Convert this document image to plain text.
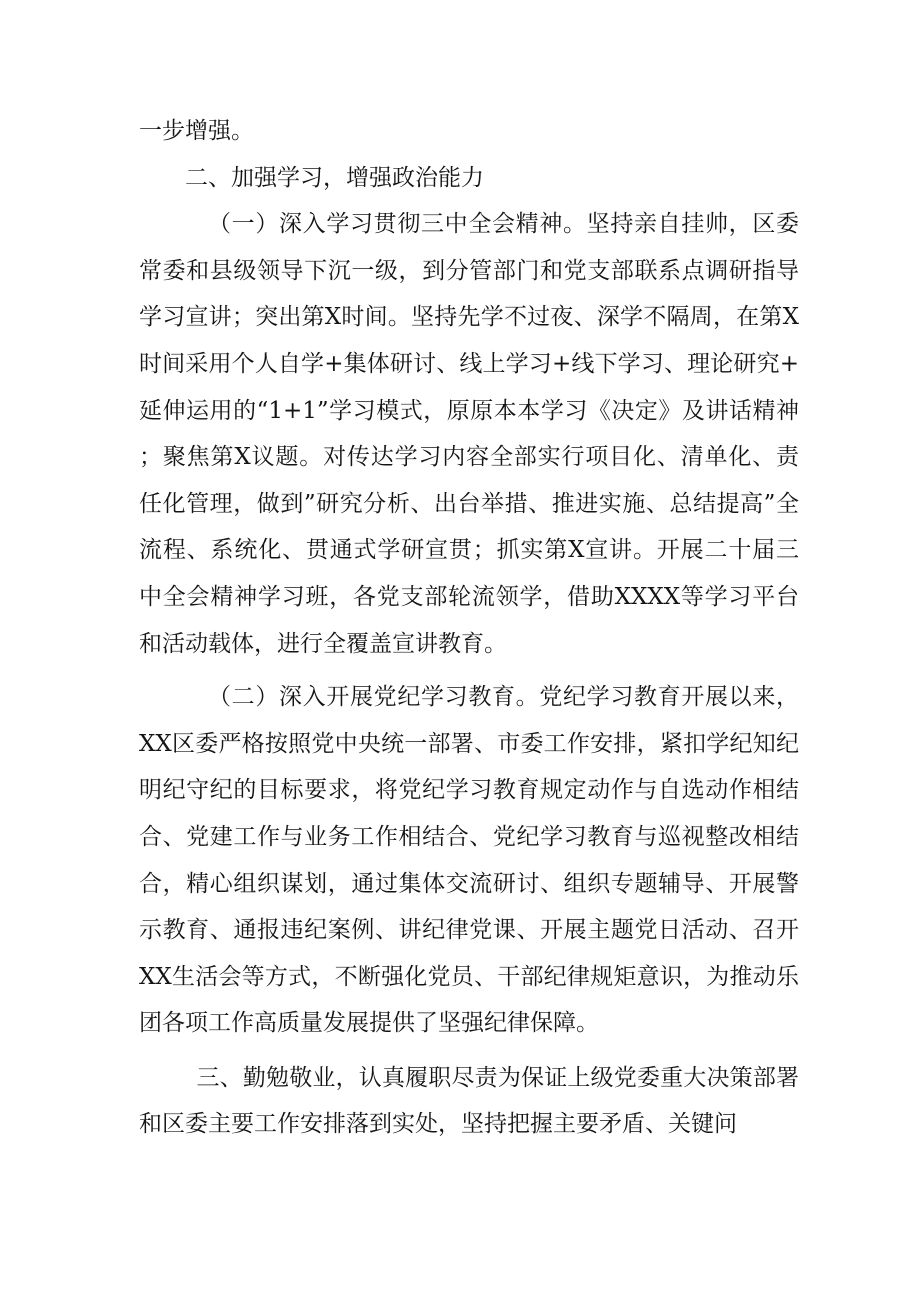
一步增强。

二、加强学习，增强政治能力

（一）深入学习贯彻三中全会精神。坚持亲自挂帅，区委常委和县级领导下沉一级，到分管部门和党支部联系点调研指导学习宣讲；突出第X时间。坚持先学不过夜、深学不隔周，在第X时间采用个人自学+集体研讨、线上学习+线下学习、理论研究+延伸运用的“1+1”学习模式，原原本本学习《决定》及讲话精神；聚焦第X议题。对传达学习内容全部实行项目化、清单化、责任化管理，做到”研究分析、出台举措、推进实施、总结提高”全流程、系统化、贯通式学研宣贯；抓实第X宣讲。开展二十届三中全会精神学习班，各党支部轮流领学，借助XXXX等学习平台和活动载体，进行全覆盖宣讲教育。

（二）深入开展党纪学习教育。党纪学习教育开展以来，XX区委严格按照党中央统一部署、市委工作安排，紧扣学纪知纪明纪守纪的目标要求，将党纪学习教育规定动作与自选动作相结合、党建工作与业务工作相结合、党纪学习教育与巡视整改相结合，精心组织谋划，通过集体交流研讨、组织专题辅导、开展警示教育、通报违纪案例、讲纪律党课、开展主题党日活动、召开XX生活会等方式，不断强化党员、干部纪律规矩意识，为推动乐团各项工作高质量发展提供了坚强纪律保障。

三、勤勉敬业，认真履职尽责为保证上级党委重大决策部署和区委主要工作安排落到实处，坚持把握主要矛盾、关键问
